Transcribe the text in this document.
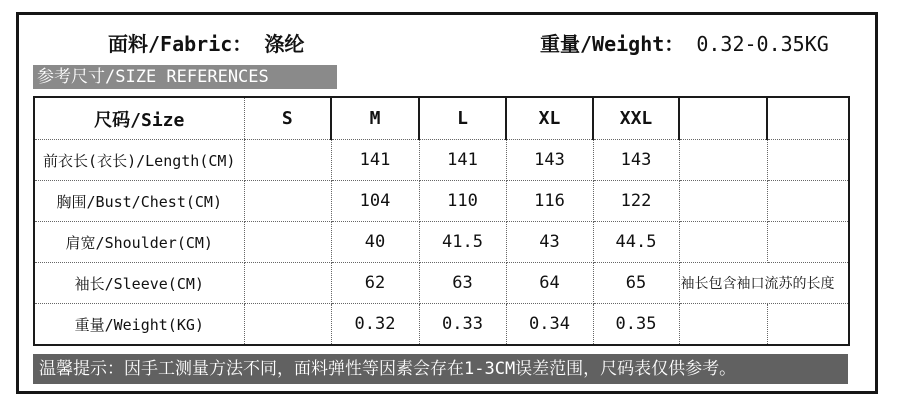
面料/Fabric： 涤纶	重量/Weight： 0.32-0.35KG
参考尺寸/SIZE REFERENCES
尺码/Size	S	M	L	XL	XXL		
前衣长(衣长)/Length(CM)		141	141	143	143		
胸围/Bust/Chest(CM)		104	110	116	122		
肩宽/Shoulder(CM)		40	41.5	43	44.5		
袖长/Sleeve(CM)		62	63	64	65	袖长包含袖口流苏的长度	
重量/Weight(KG)		0.32	0.33	0.34	0.35		
温馨提示：因手工测量方法不同，面料弹性等因素会存在1-3CM误差范围，尺码表仅供参考。
